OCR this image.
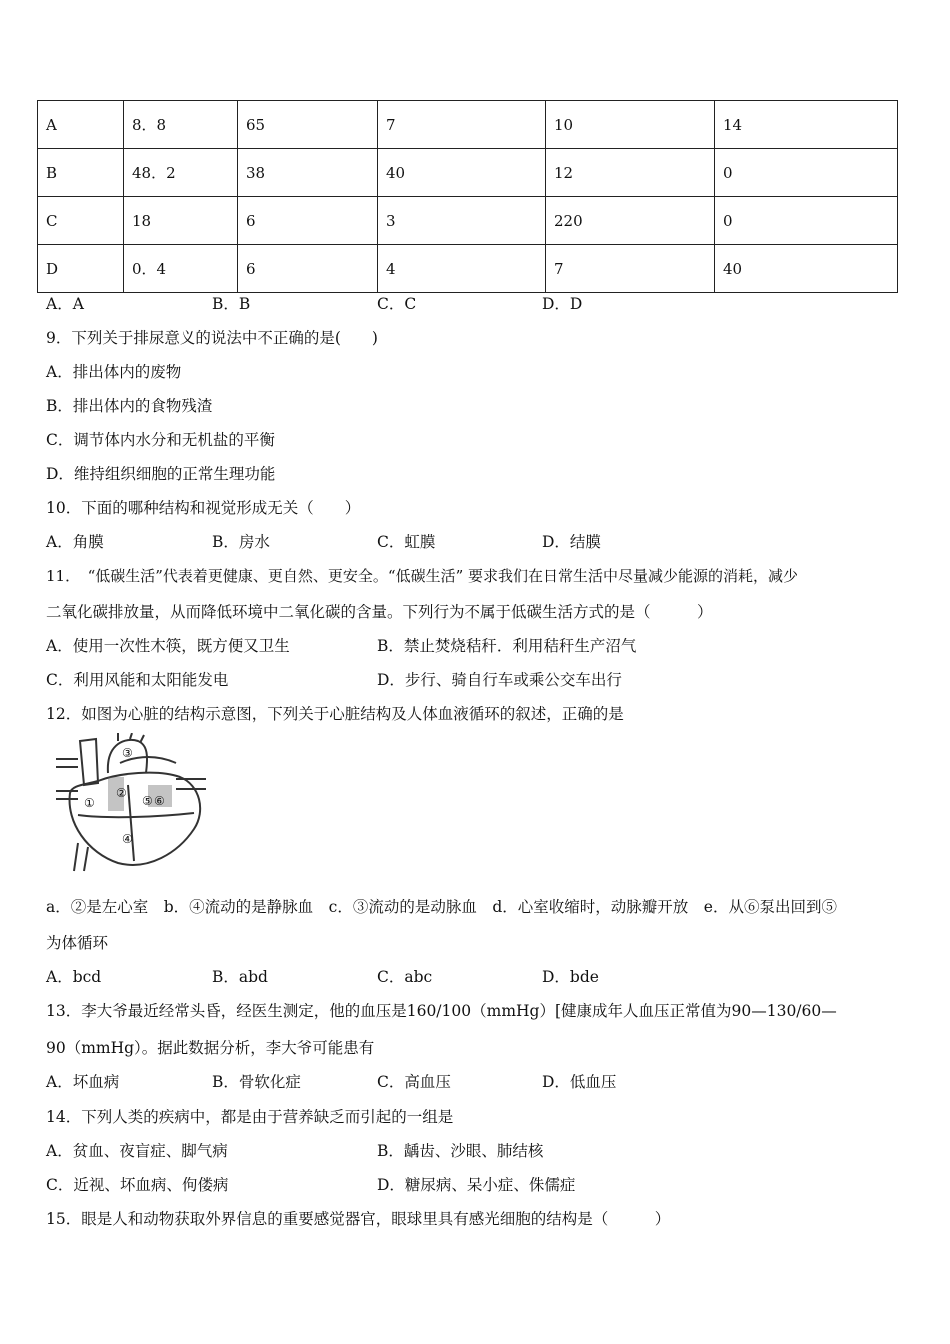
A	8．8	65	7	10	14
B	48．2	38	40	12	0
C	18	6	3	220	0
D	0．4	6	4	7	40
A．A	B．B	C．C	D．D
9．下列关于排尿意义的说法中不正确的是(　　)
A．排出体内的废物
B．排出体内的食物残渣
C．调节体内水分和无机盐的平衡
D．维持组织细胞的正常生理功能
10．下面的哪种结构和视觉形成无关（　　）
A．角膜	B．房水	C．虹膜	D．结膜
11．　“低碳生活”代表着更健康、更自然、更安全。“低碳生活” 要求我们在日常生活中尽量减少能源的消耗，减少
二氧化碳排放量，从而降低环境中二氧化碳的含量。下列行为不属于低碳生活方式的是（　　　）
A．使用一次性木筷，既方便又卫生	B．禁止焚烧秸秆．利用秸秆生产沼气
C．利用风能和太阳能发电	D．步行、骑自行车或乘公交车出行
12．如图为心脏的结构示意图，下列关于心脏结构及人体血液循环的叙述，正确的是
①
②
③
④
⑤ ⑥
a．②是左心室　b．④流动的是静脉血　c．③流动的是动脉血　d．心室收缩时，动脉瓣开放　e．从⑥泵出回到⑤
为体循环
A．bcd	B．abd	C．abc	D．bde
13．李大爷最近经常头昏，经医生测定，他的血压是160/100（mmHg）[健康成年人血压正常值为90—130/60—
90（mmHg）。据此数据分析，李大爷可能患有
A．坏血病	B．骨软化症	C．高血压	D．低血压
14．下列人类的疾病中，都是由于营养缺乏而引起的一组是
A．贫血、夜盲症、脚气病	B．龋齿、沙眼、肺结核
C．近视、坏血病、佝偻病	D．糖尿病、呆小症、侏儒症
15．眼是人和动物获取外界信息的重要感觉器官，眼球里具有感光细胞的结构是（　　　）
